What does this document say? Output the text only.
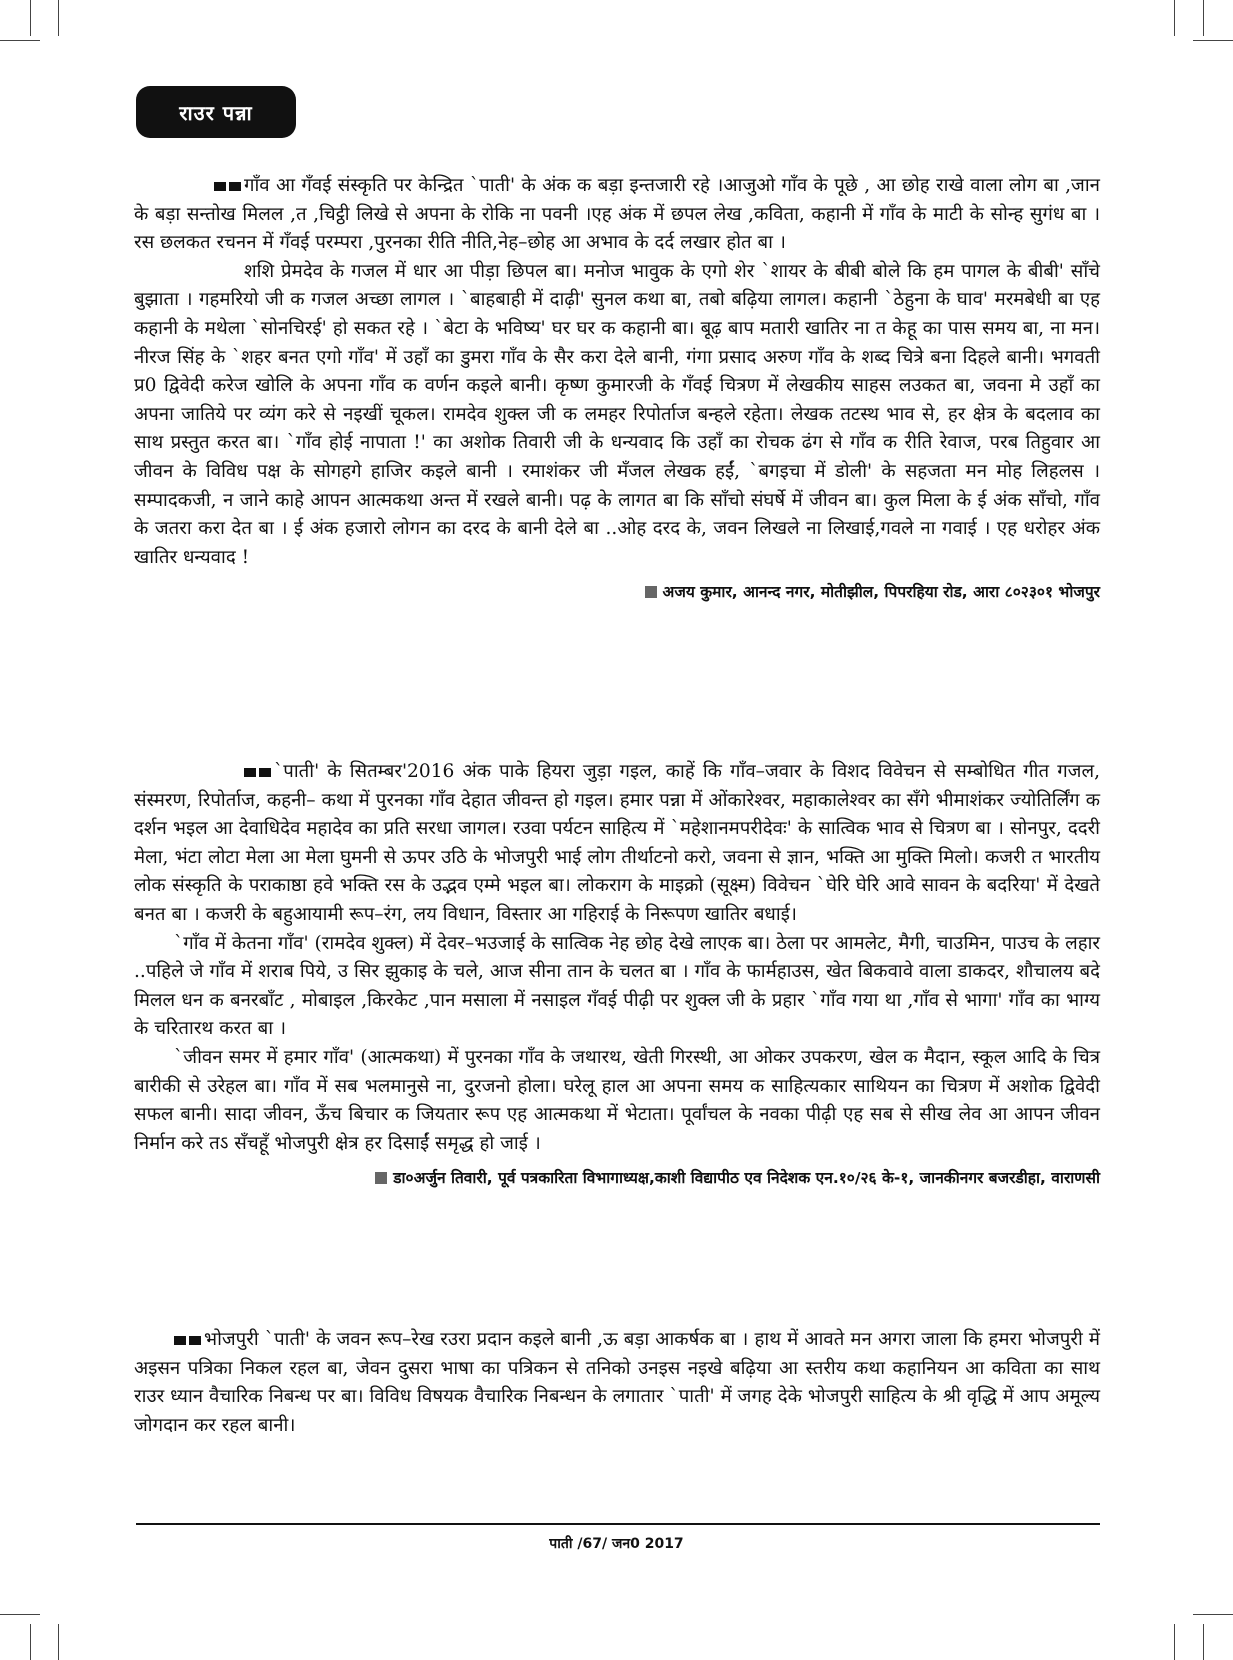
राउर पन्ना

गाँव आ गँवई संस्कृति पर केन्द्रित `पाती' के अंक क बड़ा इन्तजारी रहे ।आजुओ गाँव के पूछे , आ छोह राखे वाला लोग बा ,जान के बड़ा सन्तोख मिलल ,त ,चिट्ठी लिखे से अपना के रोकि ना पवनी ।एह अंक में छपल लेख ,कविता, कहानी में गाँव के माटी के सोन्ह सुगंध बा ।रस छलकत रचनन में गँवई परम्परा ,पुरनका रीति नीति,नेह–छोह आ अभाव के दर्द लखार होत बा ।

शशि प्रेमदेव के गजल में धार आ पीड़ा छिपल बा। मनोज भावुक के एगो शेर `शायर के बीबी बोले कि हम पागल के बीबी' साँचे बुझाता । गहमरियो जी क गजल अच्छा लागल । `बाहबाही में दाढ़ी' सुनल कथा बा, तबो बढ़िया लागल। कहानी `ठेहुना के घाव' मरमबेधी बा एह कहानी के मथेला `सोनचिरई' हो सकत रहे । `बेटा के भविष्य' घर घर क कहानी बा। बूढ़ बाप मतारी खातिर ना त केहू का पास समय बा, ना मन। नीरज सिंह के `शहर बनत एगो गाँव' में उहाँ का डुमरा गाँव के सैर करा देले बानी, गंगा प्रसाद अरुण गाँव के शब्द चित्रे बना दिहले बानी। भगवती प्र0 द्विवेदी करेज खोलि के अपना गाँव क वर्णन कइले बानी। कृष्ण कुमारजी के गँवई चित्रण में लेखकीय साहस लउकत बा, जवना मे उहाँ का अपना जातिये पर व्यंग करे से नइखीं चूकल। रामदेव शुक्ल जी क लमहर रिपोर्ताज बन्हले रहेता। लेखक तटस्थ भाव से, हर क्षेत्र के बदलाव का साथ प्रस्तुत करत बा। `गाँव होई नापाता !' का अशोक तिवारी जी के धन्यवाद कि उहाँ का रोचक ढंग से गाँव क रीति रेवाज, परब तिहुवार आ जीवन के विविध पक्ष के सोगहगे हाजिर कइले बानी । रमाशंकर जी मँजल लेखक हईं, `बगइचा में डोली' के सहजता मन मोह लिहलस । सम्पादकजी, न जाने काहे आपन आत्मकथा अन्त में रखले बानी। पढ़ के लागत बा कि साँचो संघर्षे में जीवन बा। कुल मिला के ई अंक साँचो, गाँव के जतरा करा देत बा । ई अंक हजारो लोगन का दरद के बानी देले बा ..ओह दरद के, जवन लिखले ना लिखाई,गवले ना गवाई । एह धरोहर अंक खातिर धन्यवाद !

अजय कुमार, आनन्द नगर, मोतीझील, पिपरहिया रोड, आरा ८०२३०१ भोजपुर

`पाती' के सितम्बर'2016 अंक पाके हियरा जुड़ा गइल, काहें कि गाँव–जवार के विशद विवेचन से सम्बोधित गीत गजल, संस्मरण, रिपोर्ताज, कहनी– कथा में पुरनका गाँव देहात जीवन्त हो गइल। हमार पन्ना में ओंकारेश्वर, महाकालेश्वर का सँगे भीमाशंकर ज्योतिर्लिंग क दर्शन भइल आ देवाधिदेव महादेव का प्रति सरधा जागल। रउवा पर्यटन साहित्य में `महेशानमपरीदेवः' के सात्विक भाव से चित्रण बा । सोनपुर, ददरी मेला, भंटा लोटा मेला आ मेला घुमनी से ऊपर उठि के भोजपुरी भाई लोग तीर्थाटनो करो, जवना से ज्ञान, भक्ति आ मुक्ति मिलो। कजरी त भारतीय लोक संस्कृति के पराकाष्ठा हवे भक्ति रस के उद्भव एम्मे भइल बा। लोकराग के माइक्रो (सूक्ष्म) विवेचन `घेरि घेरि आवे सावन के बदरिया' में देखते बनत बा । कजरी के बहुआयामी रूप–रंग, लय विधान, विस्तार आ गहिराई के निरूपण खातिर बधाई।

`गाँव में केतना गाँव' (रामदेव शुक्ल) में देवर–भउजाई के सात्विक नेह छोह देखे लाएक बा। ठेला पर आमलेट, मैगी, चाउमिन, पाउच के लहार ..पहिले जे गाँव में शराब पिये, उ सिर झुकाइ के चले, आज सीना तान के चलत बा । गाँव के फार्महाउस, खेत बिकवावे वाला डाकदर, शौचालय बदे मिलल धन क बनरबाँट , मोबाइल ,किरकेट ,पान मसाला में नसाइल गँवई पीढ़ी पर शुक्ल जी के प्रहार `गाँव गया था ,गाँव से भागा' गाँव का भाग्य के चरितारथ करत बा ।

`जीवन समर में हमार गाँव' (आत्मकथा) में पुरनका गाँव के जथारथ, खेती गिरस्थी, आ ओकर उपकरण, खेल क मैदान, स्कूल आदि के चित्र बारीकी से उरेहल बा। गाँव में सब भलमानुसे ना, दुरजनो होला। घरेलू हाल आ अपना समय क साहित्यकार साथियन का चित्रण में अशोक द्विवेदी सफल बानी। सादा जीवन, ऊँच बिचार क जियतार रूप एह आत्मकथा में भेटाता। पूर्वांचल के नवका पीढ़ी एह सब से सीख लेव आ आपन जीवन निर्मान करे तऽ सँचहूँ भोजपुरी क्षेत्र हर दिसाईं समृद्ध हो जाई ।

डा०अर्जुन तिवारी, पूर्व पत्रकारिता विभागाध्यक्ष,काशी विद्यापीठ एव निदेशक एन.१०/२६ के-१, जानकीनगर बजरडीहा, वाराणसी

भोजपुरी `पाती' के जवन रूप–रेख रउरा प्रदान कइले बानी ,ऊ बड़ा आकर्षक बा । हाथ में आवते मन अगरा जाला कि हमरा भोजपुरी में अइसन पत्रिका निकल रहल बा, जेवन दुसरा भाषा का पत्रिकन से तनिको उनइस नइखे बढ़िया आ स्तरीय कथा कहानियन आ कविता का साथ राउर ध्यान वैचारिक निबन्ध पर बा। विविध विषयक वैचारिक निबन्धन के लगातार `पाती' में जगह देके भोजपुरी साहित्य के श्री वृद्धि में आप अमूल्य जोगदान कर रहल बानी।

पाती /67/ जन0 2017
